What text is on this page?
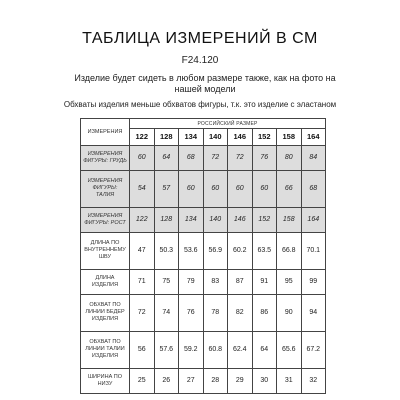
ТАБЛИЦА ИЗМЕРЕНИЙ В СМ
F24.120
Изделие будет сидеть в любом размере также, как на фото на нашей модели
Обхваты изделия меньше обхватов фигуры, т.к. это изделие с эластаном
ИЗМЕРЕНИЯ	РОССИЙСКИЙ РАЗМЕР							
	122	128	134	140	146	152	158	164
ИЗМЕРЕНИЯ ФИГУРЫ: ГРУДЬ	60	64	68	72	72	76	80	84
ИЗМЕРЕНИЯ ФИГУРЫ: ТАЛИЯ	54	57	60	60	60	60	66	68
ИЗМЕРЕНИЯ ФИГУРЫ: РОСТ	122	128	134	140	146	152	158	164
ДЛИНА ПО ВНУТРЕННЕМУ ШВУ	47	50.3	53.6	56.9	60.2	63.5	66.8	70.1
ДЛИНА ИЗДЕЛИЯ	71	75	79	83	87	91	95	99
ОБХВАТ ПО ЛИНИИ БЕДЕР ИЗДЕЛИЯ	72	74	76	78	82	86	90	94
ОБХВАТ ПО ЛИНИИ ТАЛИИ ИЗДЕЛИЯ	56	57.6	59.2	60.8	62.4	64	65.6	67.2
ШИРИНА ПО НИЗУ	25	26	27	28	29	30	31	32
